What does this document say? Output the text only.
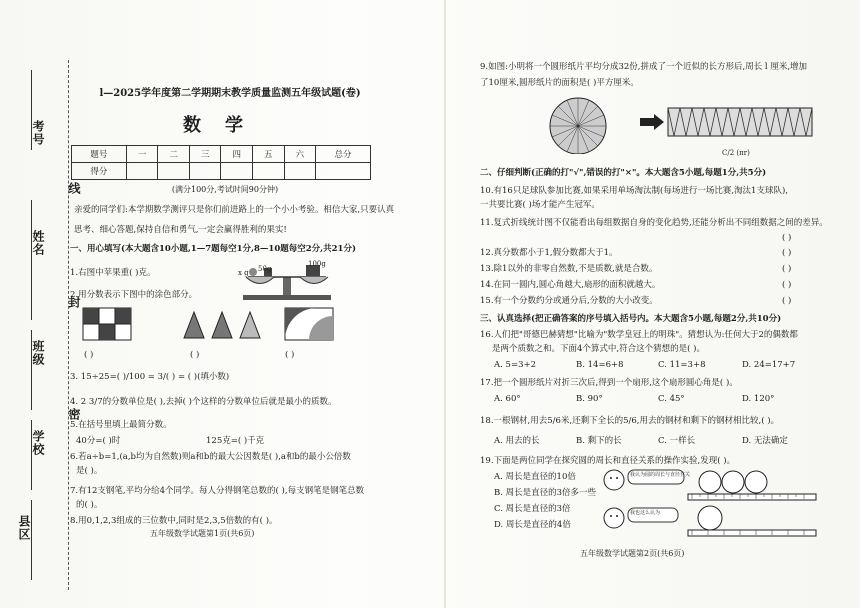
考号
线
姓名
封
班级
密
学校
县区
l—2025学年度第二学期期末教学质量监测五年级试题(卷)
数学
题号	一	二	三	四	五	六	总分
得分							
(满分100分,考试时间90分钟)
亲爱的同学们:本学期数学测评只是你们前进路上的一个小小考验。相信大家,只要认真
思考、细心答题,保持自信和勇气,一定会赢得胜利的果实!
一、用心填写(本大题含10小题,1—7题每空1分,8—10题每空2分,共21分)
1.右图中苹果重( )克。	x g 50g
100g
2.用分数表示下图中的涂色部分。
( )	( )	( )
3. 15÷25=( )/100 = 3/( ) = ( )(填小数)
4. 2 3/7的分数单位是( ),去掉( )个这样的分数单位后就是最小的质数。
5.在括号里填上最简分数。
40分=( )时	125克=( )千克
6.若a÷b=1,(a,b均为自然数)则a和b的最大公因数是( ),a和b的最小公倍数
是( )。
7.有12支钢笔,平均分给4个同学。每人分得钢笔总数的( ),每支钢笔是钢笔总数
的( )。
8.用0,1,2,3组成的三位数中,同时是2,3,5倍数的有( )。
五年级数学试题第1页(共6页)
9.如图:小明将一个圆形纸片平均分成32份,拼成了一个近似的长方形后,周长 l 厘米,增加
了10厘米,圆形纸片的面积是( )平方厘米。
C/2 (πr)
二、仔细判断(正确的打"√",错误的打"×"。本大题含5小题,每题1分,共5分)
10.有16只足球队参加比赛,如果采用单场淘汰制(每场进行一场比赛,淘汰1支球队),
一共要比赛( )场才能产生冠军。
11.复式折线统计图不仅能看出每组数据自身的变化趋势,还能分析出不同组数据之间的差异。
( )
12.真分数都小于1,假分数都大于1。	( )
13.除1以外的非零自然数,不是质数,就是合数。	( )
14.在同一圆内,圆心角越大,扇形的面积就越大。	( )
15.有一个分数约分或通分后,分数的大小改变。	( )
三、认真选择(把正确答案的序号填入括号内。本大题含5小题,每题2分,共10分)
16.人们把"哥德巴赫猜想"比喻为"数学皇冠上的明珠"。猜想认为:任何大于2的偶数都
是两个质数之和。下面4个算式中,符合这个猜想的是( )。
A. 5=3+2	B. 14=6+8	C. 11=3+8	D. 24=17+7
17.把一个圆形纸片对折三次后,得到一个扇形,这个扇形圆心角是( )。
A. 60°	B. 90°	C. 45°	D. 120°
18.一根钢材,用去5/6米,还剩下全长的5/6,用去的钢材和剩下的钢材相比较,( )。
A. 用去的长	B. 剩下的长	C. 一样长	D. 无法确定
19.下面是两位同学在探究圆的周长和直径关系的操作实验,发现( )。
A. 周长是直径的10倍
B. 周长是直径的3倍多一些
C. 周长是直径的3倍
D. 周长是直径的4倍
我认为圆的周长与直径有关
我也这么认为
五年级数学试题第2页(共6页)
